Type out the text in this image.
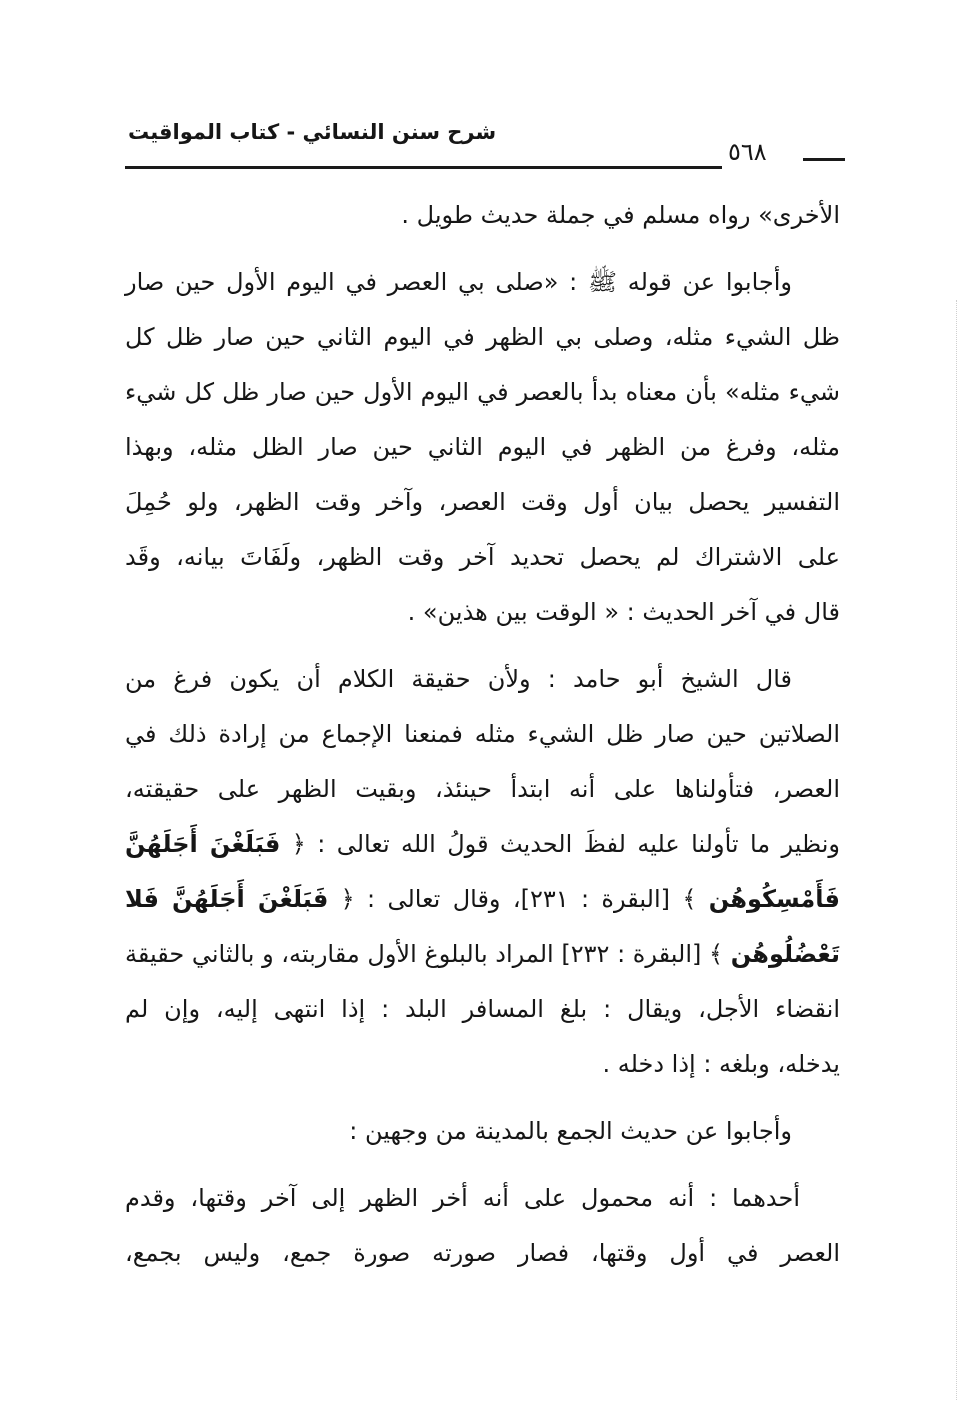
شرح سنن النسائي - كتاب المواقيت
٥٦٨
الأخرى» رواه مسلم في جملة حديث طويل .
وأجابوا عن قوله ﷺ : «صلى بي العصر في اليوم الأول حين صار
ظل الشيء مثله، وصلى بي الظهر في اليوم الثاني حين صار ظل كل
شيء مثله» بأن معناه بدأ بالعصر في اليوم الأول حين صار ظل كل شيء
مثله، وفرغ من الظهر في اليوم الثاني حين صار الظل مثله، وبهذا
التفسير يحصل بيان أول وقت العصر، وآخر وقت الظهر، ولو حُمِلَ
على الاشتراك لم يحصل تحديد آخر وقت الظهر، ولَفَاتَ بيانه، وقَد
قال في آخر الحديث : « الوقت بين هذين» .
قال الشيخ أبو حامد : ولأن حقيقة الكلام أن يكون فرغ من
الصلاتين حين صار ظل الشيء مثله فمنعنا الإجماع من إرادة ذلك في
العصر، فتأولناها على أنه ابتدأ حينئذ، وبقيت الظهر على حقيقته،
ونظير ما تأولنا عليه لفظَ الحديث قولُ الله تعالى : ﴿ فَبَلَغْنَ أَجَلَهُنَّ
فَأَمْسِكُوهُن ﴾ [البقرة : ٢٣١]، وقال تعالى : ﴿ فَبَلَغْنَ أَجَلَهُنَّ فَلا
تَعْضُلُوهُن ﴾ [البقرة : ٢٣٢] المراد بالبلوغ الأول مقاربته، و بالثاني حقيقة
انقضاء الأجل، ويقال : بلغ المسافر البلد : إذا انتهى إليه، وإن لم
يدخله، وبلغه : إذا دخله .
وأجابوا عن حديث الجمع بالمدينة من وجهين :
أحدهما : أنه محمول على أنه أخر الظهر إلى آخر وقتها، وقدم
العصر في أول وقتها، فصار صورته صورة جمع، وليس بجمع،
